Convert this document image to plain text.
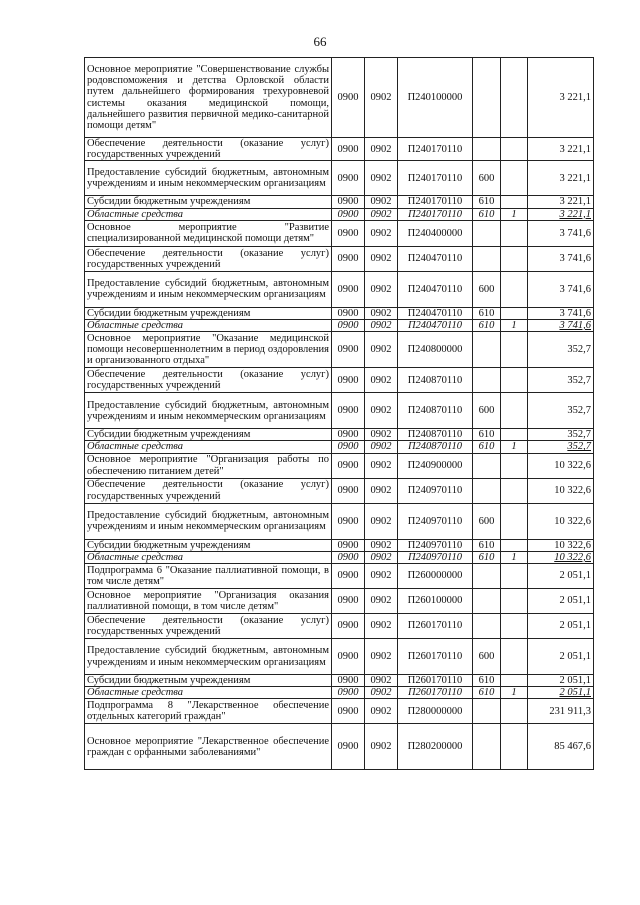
66
Основное мероприятие "Совершенствование службы родовспоможения и детства Орловской области путем дальнейшего формирования трехуровневой системы оказания медицинской помощи, дальнейшего развития первичной медико-санитарной помощи детям"	0900	0902	П240100000			3 221,1
Обеспечение деятельности (оказание услуг) государственных учреждений	0900	0902	П240170110			3 221,1
Предоставление субсидий бюджетным, автономным учреждениям и иным некоммерческим организациям	0900	0902	П240170110	600		3 221,1
Субсидии бюджетным учреждениям	0900	0902	П240170110	610		3 221,1
Областные средства	0900	0902	П240170110	610	1	3 221,1
Основное мероприятие "Развитие специализированной медицинской помощи детям"	0900	0902	П240400000			3 741,6
Обеспечение деятельности (оказание услуг) государственных учреждений	0900	0902	П240470110			3 741,6
Предоставление субсидий бюджетным, автономным учреждениям и иным некоммерческим организациям	0900	0902	П240470110	600		3 741,6
Субсидии бюджетным учреждениям	0900	0902	П240470110	610		3 741,6
Областные средства	0900	0902	П240470110	610	1	3 741,6
Основное мероприятие "Оказание медицинской помощи несовершеннолетним в период оздоровления и организованного отдыха"	0900	0902	П240800000			352,7
Обеспечение деятельности (оказание услуг) государственных учреждений	0900	0902	П240870110			352,7
Предоставление субсидий бюджетным, автономным учреждениям и иным некоммерческим организациям	0900	0902	П240870110	600		352,7
Субсидии бюджетным учреждениям	0900	0902	П240870110	610		352,7
Областные средства	0900	0902	П240870110	610	1	352,7
Основное мероприятие "Организация работы по обеспечению питанием детей"	0900	0902	П240900000			10 322,6
Обеспечение деятельности (оказание услуг) государственных учреждений	0900	0902	П240970110			10 322,6
Предоставление субсидий бюджетным, автономным учреждениям и иным некоммерческим организациям	0900	0902	П240970110	600		10 322,6
Субсидии бюджетным учреждениям	0900	0902	П240970110	610		10 322,6
Областные средства	0900	0902	П240970110	610	1	10 322,6
Подпрограмма 6 "Оказание паллиативной помощи, в том числе детям"	0900	0902	П260000000			2 051,1
Основное мероприятие "Организация оказания паллиативной помощи, в том числе детям"	0900	0902	П260100000			2 051,1
Обеспечение деятельности (оказание услуг) государственных учреждений	0900	0902	П260170110			2 051,1
Предоставление субсидий бюджетным, автономным учреждениям и иным некоммерческим организациям	0900	0902	П260170110	600		2 051,1
Субсидии бюджетным учреждениям	0900	0902	П260170110	610		2 051,1
Областные средства	0900	0902	П260170110	610	1	2 051,1
Подпрограмма 8 "Лекарственное обеспечение отдельных категорий граждан"	0900	0902	П280000000			231 911,3
Основное мероприятие "Лекарственное обеспечение граждан с орфанными заболеваниями"	0900	0902	П280200000			85 467,6
